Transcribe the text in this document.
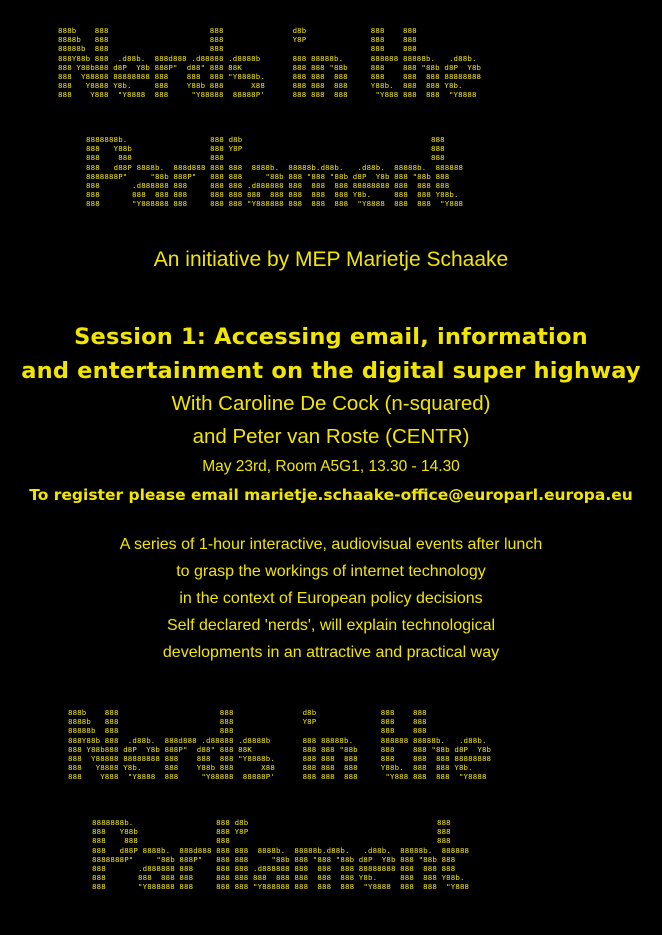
888b    888                      888               d8b              888    888
8888b   888                      888               Y8P              888    888
88888b  888                      888                                888    888
888Y88b 888  .d88b.  888d888 .d88888 .d8888b       888 88888b.      888888 88888b.   .d88b.
888 Y88b888 d8P  Y8b 888P"  d88" 888 88K           888 888 "88b     888    888 "88b d8P  Y8b
888  Y88888 88888888 888    888  888 "Y8888b.      888 888  888     888    888  888 88888888
888   Y8888 Y8b.     888    Y88b 888      X88      888 888  888     Y88b.  888  888 Y8b.
888    Y888  "Y8888  888     "Y88888  88888P'      888 888  888      "Y888 888  888  "Y8888
8888888b.                  888 d8b                                         888
888   Y88b                 888 Y8P                                         888
888    888                 888                                             888
888   d88P 8888b.  888d888 888 888  8888b.  88888b.d88b.   .d88b.  88888b.  888888
8888888P"     "88b 888P"   888 888     "88b 888 "888 "88b d8P  Y8b 888 "88b 888
888       .d888888 888     888 888 .d888888 888  888  888 88888888 888  888 888
888       888  888 888     888 888 888  888 888  888  888 Y8b.     888  888 Y88b.
888       "Y888888 888     888 888 "Y888888 888  888  888  "Y8888  888  888  "Y888

An initiative by MEP Marietje Schaake

Session 1: Accessing email, information

and entertainment on the digital super highway

With Caroline De Cock (n-squared)

and Peter van Roste (CENTR)

May 23rd, Room A5G1, 13.30 - 14.30

To register please email marietje.schaake-office@europarl.europa.eu

A series of 1-hour interactive, audiovisual events after lunch

to grasp the workings of internet technology

in the context of European policy decisions

Self declared 'nerds', will explain technological

developments in an attractive and practical way

888b    888                      888               d8b              888    888
8888b   888                      888               Y8P              888    888
88888b  888                      888                                888    888
888Y88b 888  .d88b.  888d888 .d88888 .d8888b       888 88888b.      888888 88888b.   .d88b.
888 Y88b888 d8P  Y8b 888P"  d88" 888 88K           888 888 "88b     888    888 "88b d8P  Y8b
888  Y88888 88888888 888    888  888 "Y8888b.      888 888  888     888    888  888 88888888
888   Y8888 Y8b.     888    Y88b 888      X88      888 888  888     Y88b.  888  888 Y8b.
888    Y888  "Y8888  888     "Y88888  88888P'      888 888  888      "Y888 888  888  "Y8888
8888888b.                  888 d8b                                         888
888   Y88b                 888 Y8P                                         888
888    888                 888                                             888
888   d88P 8888b.  888d888 888 888  8888b.  88888b.d88b.   .d88b.  88888b.  888888
8888888P"     "88b 888P"   888 888     "88b 888 "888 "88b d8P  Y8b 888 "88b 888
888       .d888888 888     888 888 .d888888 888  888  888 88888888 888  888 888
888       888  888 888     888 888 888  888 888  888  888 Y8b.     888  888 Y88b.
888       "Y888888 888     888 888 "Y888888 888  888  888  "Y8888  888  888  "Y888
